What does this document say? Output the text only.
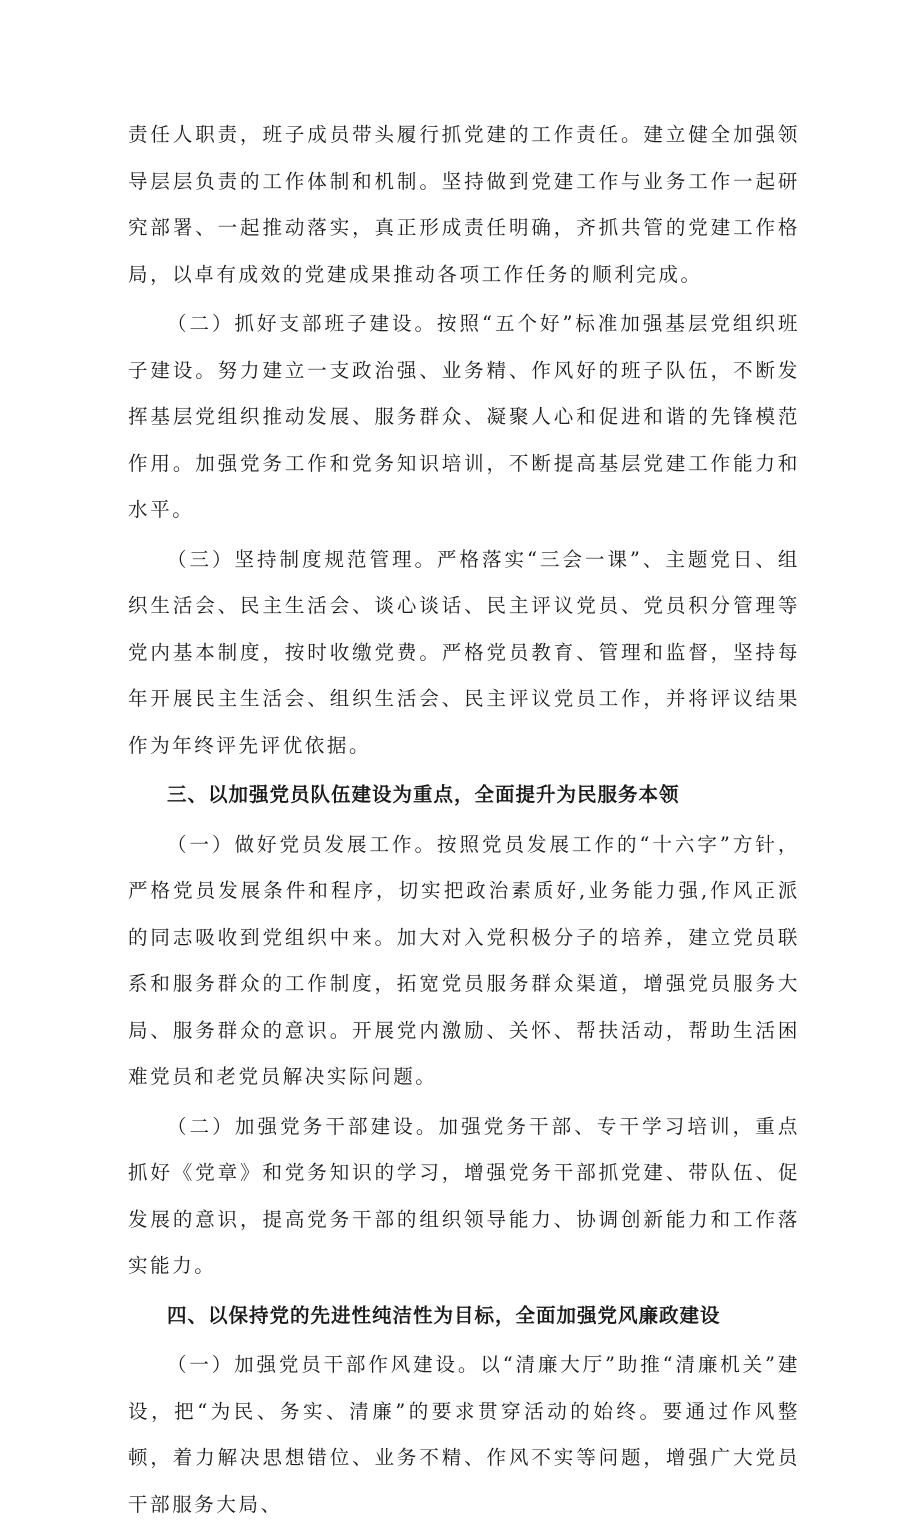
责任人职责，班子成员带头履行抓党建的工作责任。建立健全加强领导层层负责的工作体制和机制。坚持做到党建工作与业务工作一起研究部署、一起推动落实，真正形成责任明确，齐抓共管的党建工作格局，以卓有成效的党建成果推动各项工作任务的顺利完成。

（二）抓好支部班子建设。按照“五个好”标准加强基层党组织班子建设。努力建立一支政治强、业务精、作风好的班子队伍，不断发挥基层党组织推动发展、服务群众、凝聚人心和促进和谐的先锋模范作用。加强党务工作和党务知识培训，不断提高基层党建工作能力和水平。

（三）坚持制度规范管理。严格落实“三会一课”、主题党日、组织生活会、民主生活会、谈心谈话、民主评议党员、党员积分管理等党内基本制度，按时收缴党费。严格党员教育、管理和监督，坚持每年开展民主生活会、组织生活会、民主评议党员工作，并将评议结果作为年终评先评优依据。

三、以加强党员队伍建设为重点，全面提升为民服务本领

（一）做好党员发展工作。按照党员发展工作的“十六字”方针，严格党员发展条件和程序，切实把政治素质好,业务能力强,作风正派的同志吸收到党组织中来。加大对入党积极分子的培养，建立党员联系和服务群众的工作制度，拓宽党员服务群众渠道，增强党员服务大局、服务群众的意识。开展党内激励、关怀、帮扶活动，帮助生活困难党员和老党员解决实际问题。

（二）加强党务干部建设。加强党务干部、专干学习培训，重点抓好《党章》和党务知识的学习，增强党务干部抓党建、带队伍、促发展的意识，提高党务干部的组织领导能力、协调创新能力和工作落实能力。

四、以保持党的先进性纯洁性为目标，全面加强党风廉政建设

（一）加强党员干部作风建设。以“清廉大厅”助推“清廉机关”建设，把“为民、务实、清廉”的要求贯穿活动的始终。要通过作风整顿，着力解决思想错位、业务不精、作风不实等问题，增强广大党员干部服务大局、
